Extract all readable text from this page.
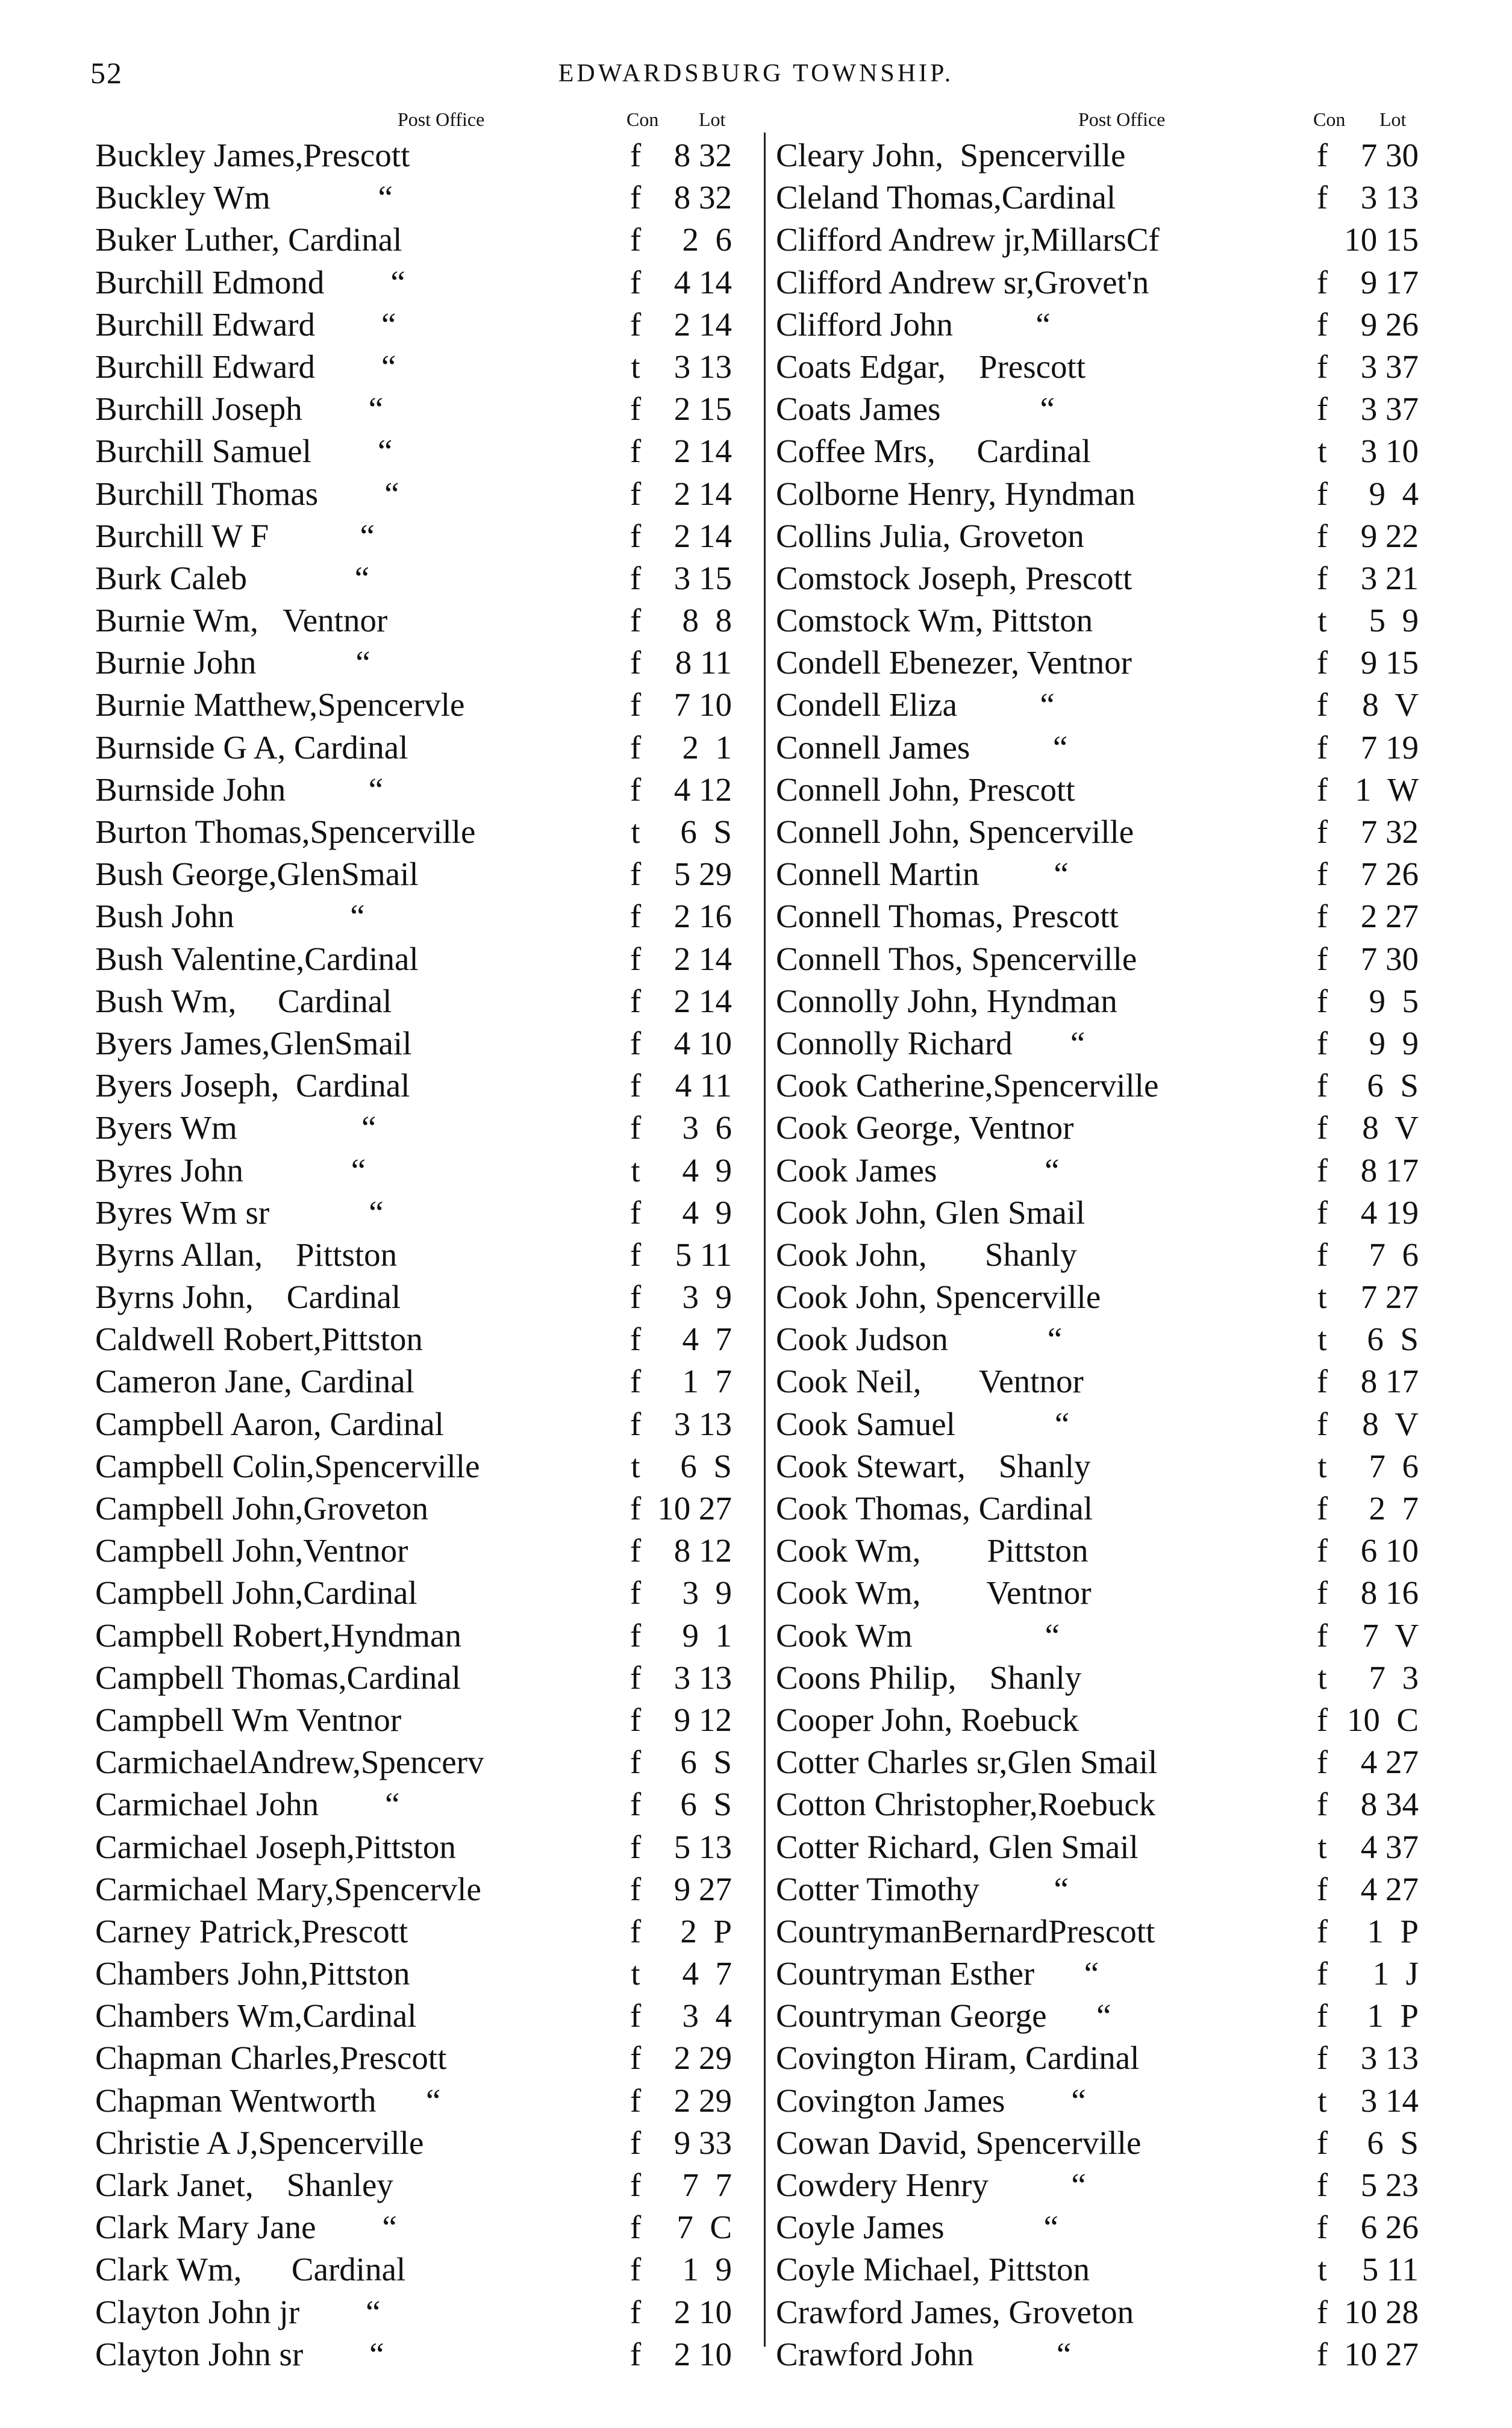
52	EDWARDSBURG TOWNSHIP.
Post Office	Con Lot
Buckley James,Prescott	f 8 32
Buckley Wm             “	f 8 32
Buker Luther, Cardinal	f	2  6
Burchill Edmond        “	f 4 14
Burchill Edward        “	f 2 14
Burchill Edward        “	t	3 13
Burchill Joseph        “	f 2 15
Burchill Samuel        “	f 2 14
Burchill Thomas        “	f 2 14
Burchill W F           “	f 2 14
Burk Caleb             “	f 3 15
Burnie Wm,   Ventnor	f	8  8
Burnie John            “	f	8 11
Burnie Matthew,Spencervle	f 7 10
Burnside G A, Cardinal	f	2  1
Burnside John          “	f 4 12
Burton Thomas,Spencerville	t	6  S
Bush George,GlenSmail	f 5 29
Bush John              “	f 2 16
Bush Valentine,Cardinal	f 2 14
Bush Wm,     Cardinal	f 2 14
Byers James,GlenSmail	f 4 10
Byers Joseph,  Cardinal	f	4 11
Byers Wm               “	f	3  6
Byres John             “	t	4  9
Byres Wm sr            “	f	4  9
Byrns Allan,    Pittston	f	5 11
Byrns John,    Cardinal	f	3  9
Caldwell Robert,Pittston	f	4  7
Cameron Jane, Cardinal	f	1  7
Campbell Aaron, Cardinal	f 3 13
Campbell Colin,Spencerville	t	6  S
Campbell John,Groveton	f 10 27
Campbell John,Ventnor	f 8 12
Campbell John,Cardinal	f	3  9
Campbell Robert,Hyndman	f	9  1
Campbell Thomas,Cardinal	f 3 13
Campbell Wm Ventnor	f 9 12
CarmichaelAndrew,Spencerv	f	6  S
Carmichael John        “	f	6  S
Carmichael Joseph,Pittston	f 5 13
Carmichael Mary,Spencervle	f 9 27
Carney Patrick,Prescott	f	2  P
Chambers John,Pittston	t	4  7
Chambers Wm,Cardinal	f	3  4
Chapman Charles,Prescott	f 2 29
Chapman Wentworth      “	f 2 29
Christie A J,Spencerville	f 9 33
Clark Janet,    Shanley	f	7  7
Clark Mary Jane        “	f	7  C
Clark Wm,      Cardinal	f	1  9
Clayton John jr        “	f 2 10
Clayton John sr        “	f 2 10
Post Office	Con Lot
Cleary John,  Spencerville	f 7 30
Cleland Thomas,Cardinal	f 3 13
Clifford Andrew jr,MillarsCf	10 15
Clifford Andrew sr,Grovet'n	f 9 17
Clifford John          “	f 9 26
Coats Edgar,    Prescott	f 3 37
Coats James            “	f 3 37
Coffee Mrs,     Cardinal	t	3 10
Colborne Henry, Hyndman	f	9  4
Collins Julia, Groveton	f 9 22
Comstock Joseph, Prescott	f 3 21
Comstock Wm, Pittston	t	5  9
Condell Ebenezer, Ventnor	f 9 15
Condell Eliza          “	f	8  V
Connell James          “	f 7 19
Connell John, Prescott	f 1  W
Connell John, Spencerville	f 7 32
Connell Martin         “	f 7 26
Connell Thomas, Prescott	f 2 27
Connell Thos, Spencerville	f 7 30
Connolly John, Hyndman	f	9  5
Connolly Richard       “	f	9  9
Cook Catherine,Spencerville	f	6  S
Cook George, Ventnor	f	8  V
Cook James             “	f 8 17
Cook John, Glen Smail	f 4 19
Cook John,       Shanly	f	7  6
Cook John, Spencerville	t	7 27
Cook Judson            “	t	6  S
Cook Neil,       Ventnor	f 8 17
Cook Samuel            “	f	8  V
Cook Stewart,    Shanly	t	7  6
Cook Thomas, Cardinal	f	2  7
Cook Wm,        Pittston	f 6 10
Cook Wm,        Ventnor	f 8 16
Cook Wm                “	f	7  V
Coons Philip,    Shanly	t	7  3
Cooper John, Roebuck	f 10  C
Cotter Charles sr,Glen Smail	f 4 27
Cotton Christopher,Roebuck	f 8 34
Cotter Richard, Glen Smail	t	4 37
Cotter Timothy         “	f 4 27
CountrymanBernardPrescott	f	1  P
Countryman Esther      “	f	1  J
Countryman George      “	f	1  P
Covington Hiram, Cardinal	f 3 13
Covington James        “	t	3 14
Cowan David, Spencerville	f	6  S
Cowdery Henry          “	f 5 23
Coyle James            “	f 6 26
Coyle Michael, Pittston	t	5 11
Crawford James, Groveton	f 10 28
Crawford John          “	f 10 27
